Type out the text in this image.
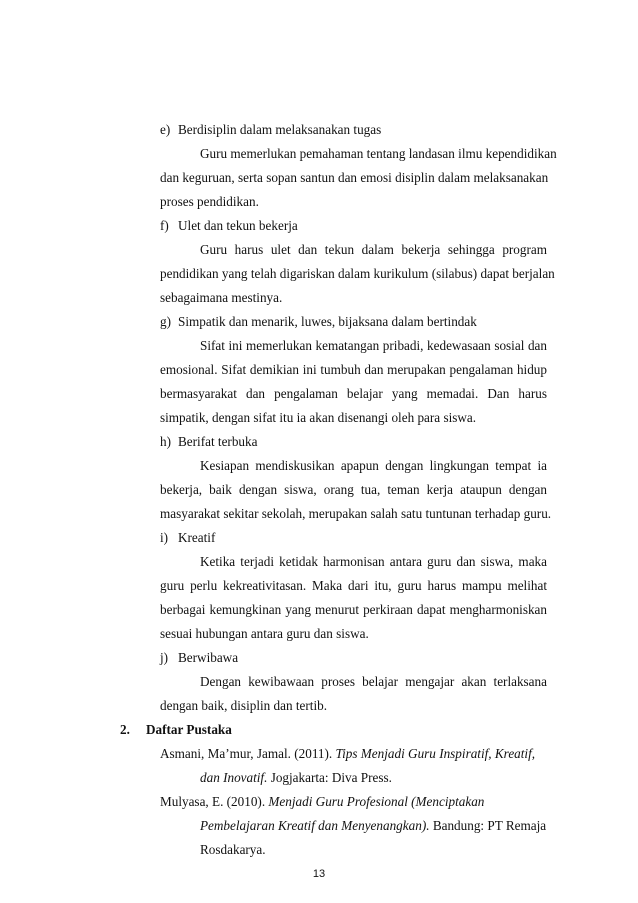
e) Berdisiplin dalam melaksanakan tugas
Guru memerlukan pemahaman tentang landasan ilmu kependidikan
dan keguruan, serta sopan santun dan emosi disiplin dalam melaksanakan
proses pendidikan.
f) Ulet dan tekun bekerja
Guru harus ulet dan tekun dalam bekerja sehingga program
pendidikan yang telah digariskan dalam kurikulum (silabus) dapat berjalan
sebagaimana mestinya.
g) Simpatik dan menarik, luwes, bijaksana dalam bertindak
Sifat ini memerlukan kematangan pribadi, kedewasaan sosial dan
emosional. Sifat demikian ini tumbuh dan merupakan pengalaman hidup
bermasyarakat dan pengalaman belajar yang memadai. Dan harus
simpatik, dengan sifat itu ia akan disenangi oleh para siswa.
h) Berifat terbuka
Kesiapan mendiskusikan apapun dengan lingkungan tempat ia
bekerja, baik dengan siswa, orang tua, teman kerja ataupun dengan
masyarakat sekitar sekolah, merupakan salah satu tuntunan terhadap guru.
i) Kreatif
Ketika terjadi ketidak harmonisan antara guru dan siswa, maka
guru perlu kekreativitasan. Maka dari itu, guru harus mampu melihat
berbagai kemungkinan yang menurut perkiraan dapat mengharmoniskan
sesuai hubungan antara guru dan siswa.
j) Berwibawa
Dengan kewibawaan proses belajar mengajar akan terlaksana
dengan baik, disiplin dan tertib.
2. Daftar Pustaka
Asmani, Ma’mur, Jamal. (2011). Tips Menjadi Guru Inspiratif, Kreatif,
dan Inovatif. Jogjakarta: Diva Press.
Mulyasa, E. (2010). Menjadi Guru Profesional (Menciptakan
Pembelajaran Kreatif dan Menyenangkan). Bandung: PT Remaja
Rosdakarya.
13
